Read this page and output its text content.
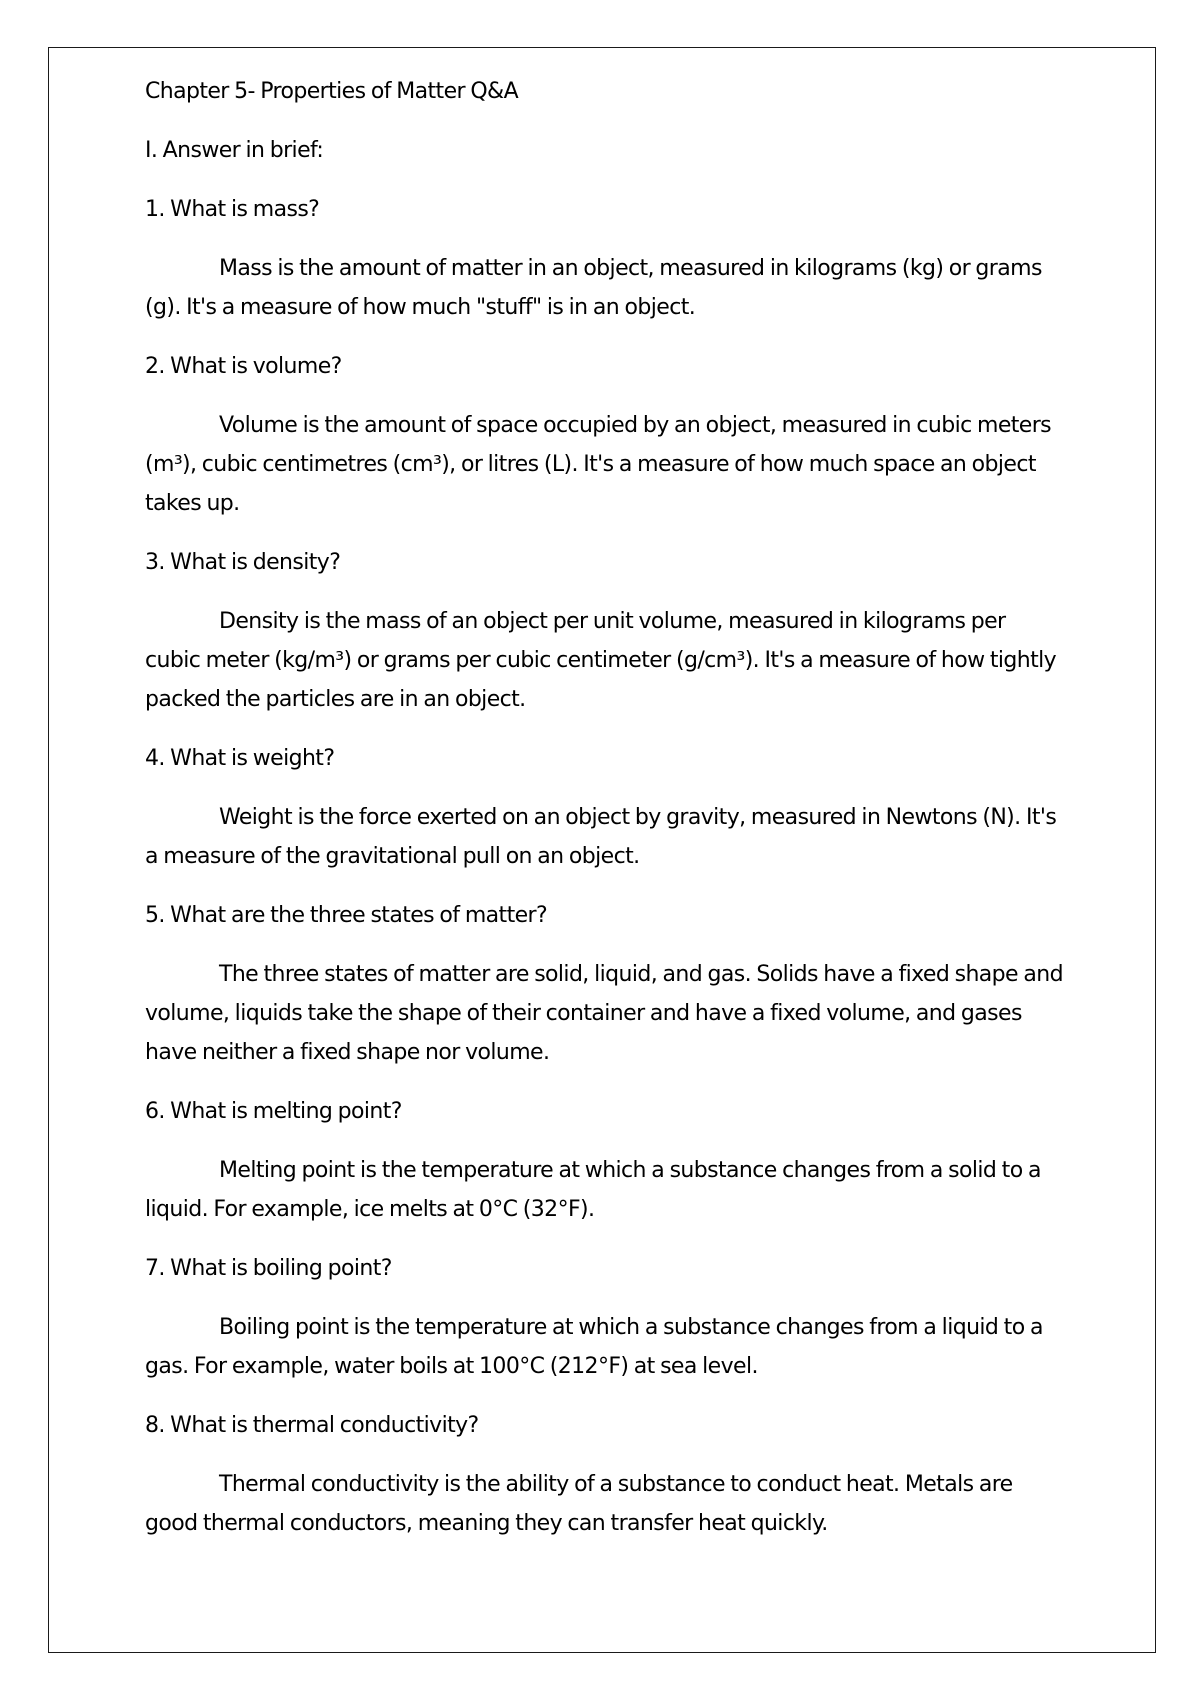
Chapter 5- Properties of Matter Q&A

I. Answer in brief:

1. What is mass?

Mass is the amount of matter in an object, measured in kilograms (kg) or grams (g). It's a measure of how much "stuff" is in an object.

2. What is volume?

Volume is the amount of space occupied by an object, measured in cubic meters (m³), cubic centimetres (cm³), or litres (L). It's a measure of how much space an object takes up.

3. What is density?

Density is the mass of an object per unit volume, measured in kilograms per cubic meter (kg/m³) or grams per cubic centimeter (g/cm³). It's a measure of how tightly packed the particles are in an object.

4. What is weight?

Weight is the force exerted on an object by gravity, measured in Newtons (N). It's a measure of the gravitational pull on an object.

5. What are the three states of matter?

The three states of matter are solid, liquid, and gas. Solids have a fixed shape and volume, liquids take the shape of their container and have a fixed volume, and gases have neither a fixed shape nor volume.

6. What is melting point?

Melting point is the temperature at which a substance changes from a solid to a liquid. For example, ice melts at 0°C (32°F).

7. What is boiling point?

Boiling point is the temperature at which a substance changes from a liquid to a gas. For example, water boils at 100°C (212°F) at sea level.

8. What is thermal conductivity?

Thermal conductivity is the ability of a substance to conduct heat. Metals are good thermal conductors, meaning they can transfer heat quickly.
